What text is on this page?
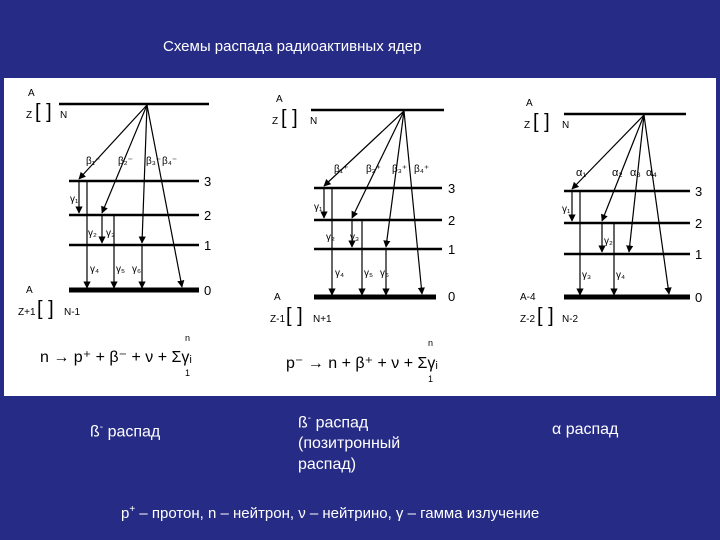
Схемы распада радиоактивных ядер
A
Z [ ] N
3
2
1
0
β₁⁻ β₂⁻ β₃⁻ β₄⁻
γ₁
γ₂ γ₃
γ₄ γ₅ γ₆
A
Z+1 [ ] N-1
n → p⁺ + β⁻ + ν + Σγᵢ
n
1
A
Z [ ] N
3
2
1
0
β₁⁺ β₂⁺ β₃⁺ β₄⁺
γ₁
γ₂ γ₃
γ₄ γ₅ γ₆
A
Z-1 [ ] N+1
p⁻ → n + β⁺ + ν + Σγᵢ
n
1
A
Z [ ] N
3
2
1
0
α₁ α₂ α₃ α₄
γ₁
γ₂
γ₃ γ₄
A-4
Z-2 [ ] N-2
ß- распад
ß- распад
(позитронный
распад)
α распад
p+ – протон, n – нейтрон, ν – нейтрино, γ – гамма излучение
